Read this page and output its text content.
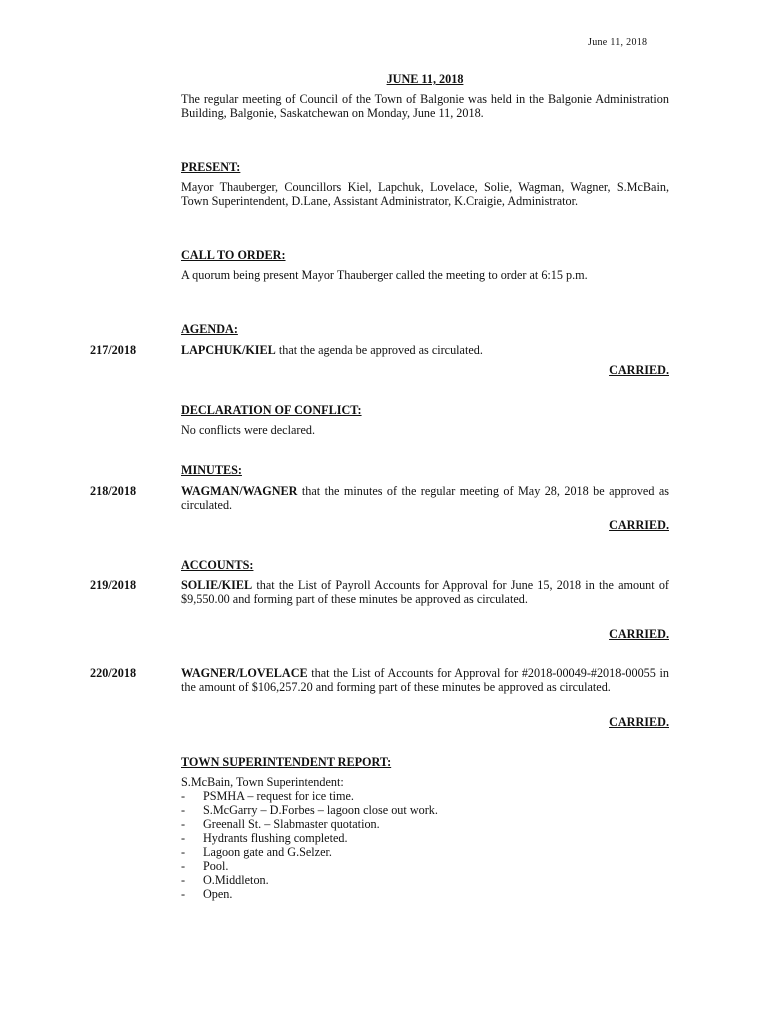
June 11, 2018
JUNE 11, 2018
The regular meeting of Council of the Town of Balgonie was held in the Balgonie Administration Building, Balgonie, Saskatchewan on Monday, June 11, 2018.
PRESENT:
Mayor Thauberger, Councillors Kiel, Lapchuk, Lovelace, Solie, Wagman, Wagner, S.McBain, Town Superintendent, D.Lane, Assistant Administrator, K.Craigie, Administrator.
CALL TO ORDER:
A quorum being present Mayor Thauberger called the meeting to order at 6:15 p.m.
AGENDA:
217/2018	LAPCHUK/KIEL that the agenda be approved as circulated.
CARRIED.
DECLARATION OF CONFLICT:
No conflicts were declared.
MINUTES:
218/2018	WAGMAN/WAGNER that the minutes of the regular meeting of May 28, 2018 be approved as circulated.
CARRIED.
ACCOUNTS:
219/2018	SOLIE/KIEL that the List of Payroll Accounts for Approval for June 15, 2018 in the amount of $9,550.00 and forming part of these minutes be approved as circulated.
CARRIED.
220/2018	WAGNER/LOVELACE that the List of Accounts for Approval for #2018-00049-#2018-00055 in the amount of $106,257.20 and forming part of these minutes be approved as circulated.
CARRIED.
TOWN SUPERINTENDENT REPORT:
S.McBain, Town Superintendent:
- PSMHA – request for ice time.
- S.McGarry – D.Forbes – lagoon close out work.
- Greenall St. – Slabmaster quotation.
- Hydrants flushing completed.
- Lagoon gate and G.Selzer.
- Pool.
- O.Middleton.
- Open.
